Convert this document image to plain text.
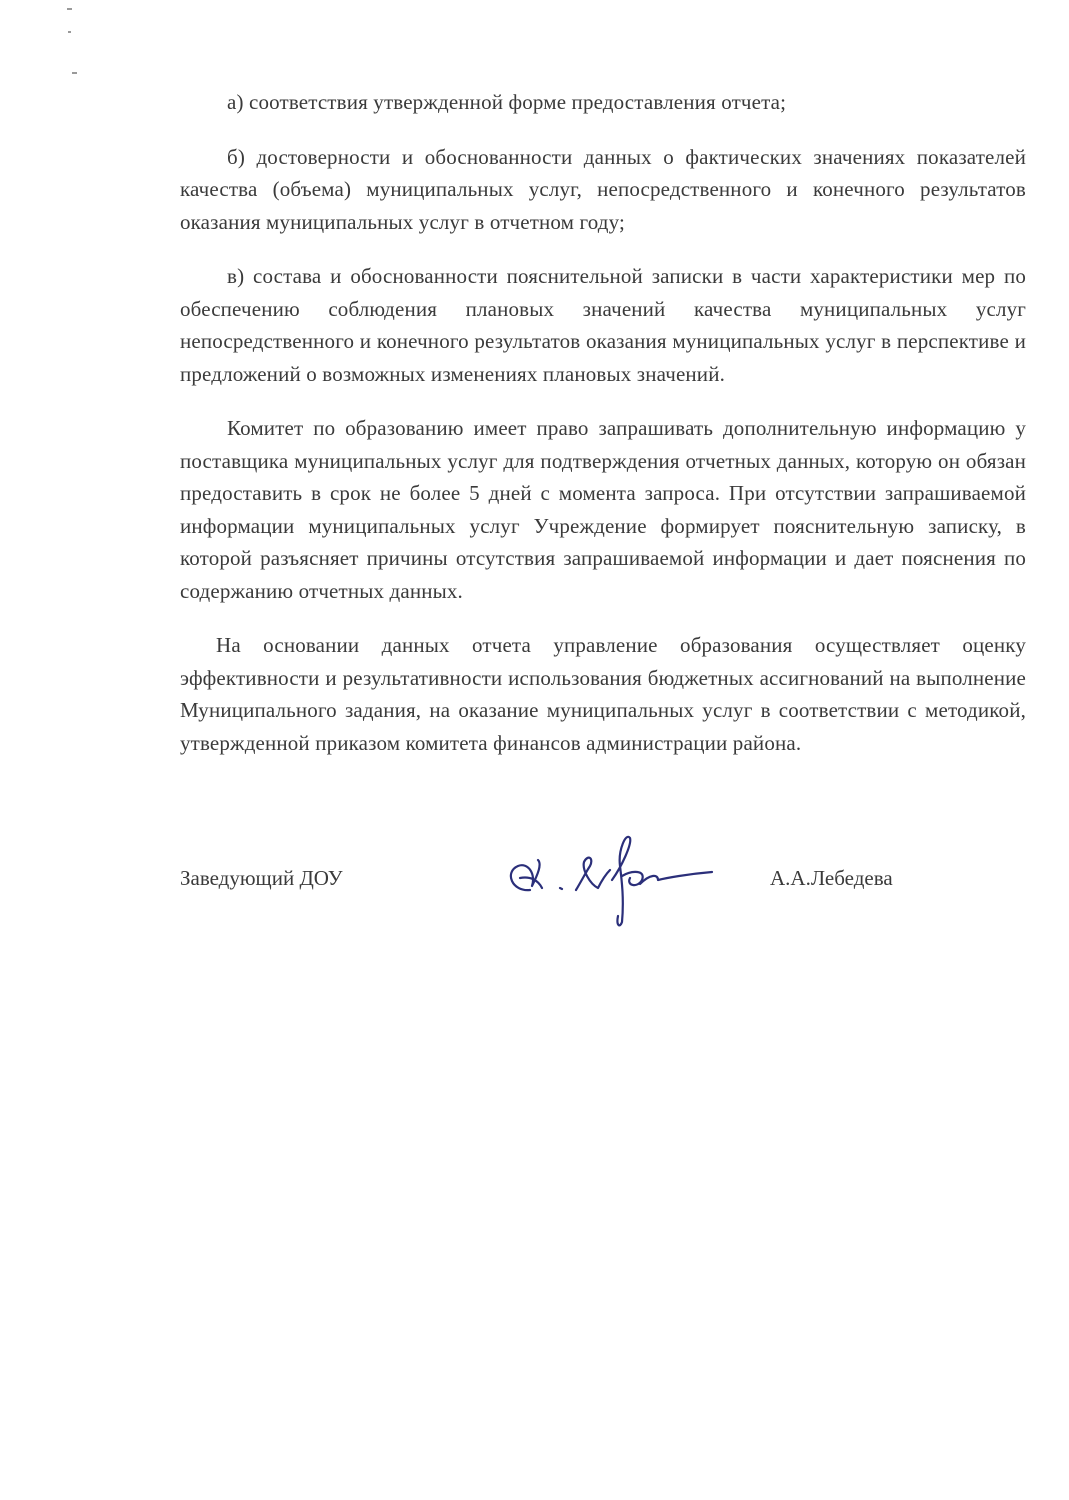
а) соответствия утвержденной форме предоставления отчета;

б) достоверности и обоснованности данных о фактических значениях показателей качества (объема) муниципальных услуг, непосредственного и конечного результатов оказания муниципальных услуг в отчетном году;

в) состава и обоснованности пояснительной записки в части характеристики мер по обеспечению соблюдения плановых значений качества муниципальных услуг непосредственного и конечного результатов оказания муниципальных услуг в перспективе и предложений о возможных изменениях плановых значений.

Комитет по образованию имеет право запрашивать дополнительную информацию у поставщика муниципальных услуг для подтверждения отчетных данных, которую он обязан предоставить в срок не более 5 дней с момента запроса. При отсутствии запрашиваемой информации муниципальных услуг Учреждение формирует пояснительную записку, в которой разъясняет причины отсутствия запрашиваемой информации и дает пояснения по содержанию отчетных данных.

На основании данных отчета управление образования осуществляет оценку эффективности и результативности использования бюджетных ассигнований на выполнение Муниципального задания, на оказание муниципальных услуг в соответствии с методикой, утвержденной приказом комитета финансов администрации района.

Заведующий ДОУ	А.А.Лебедева
